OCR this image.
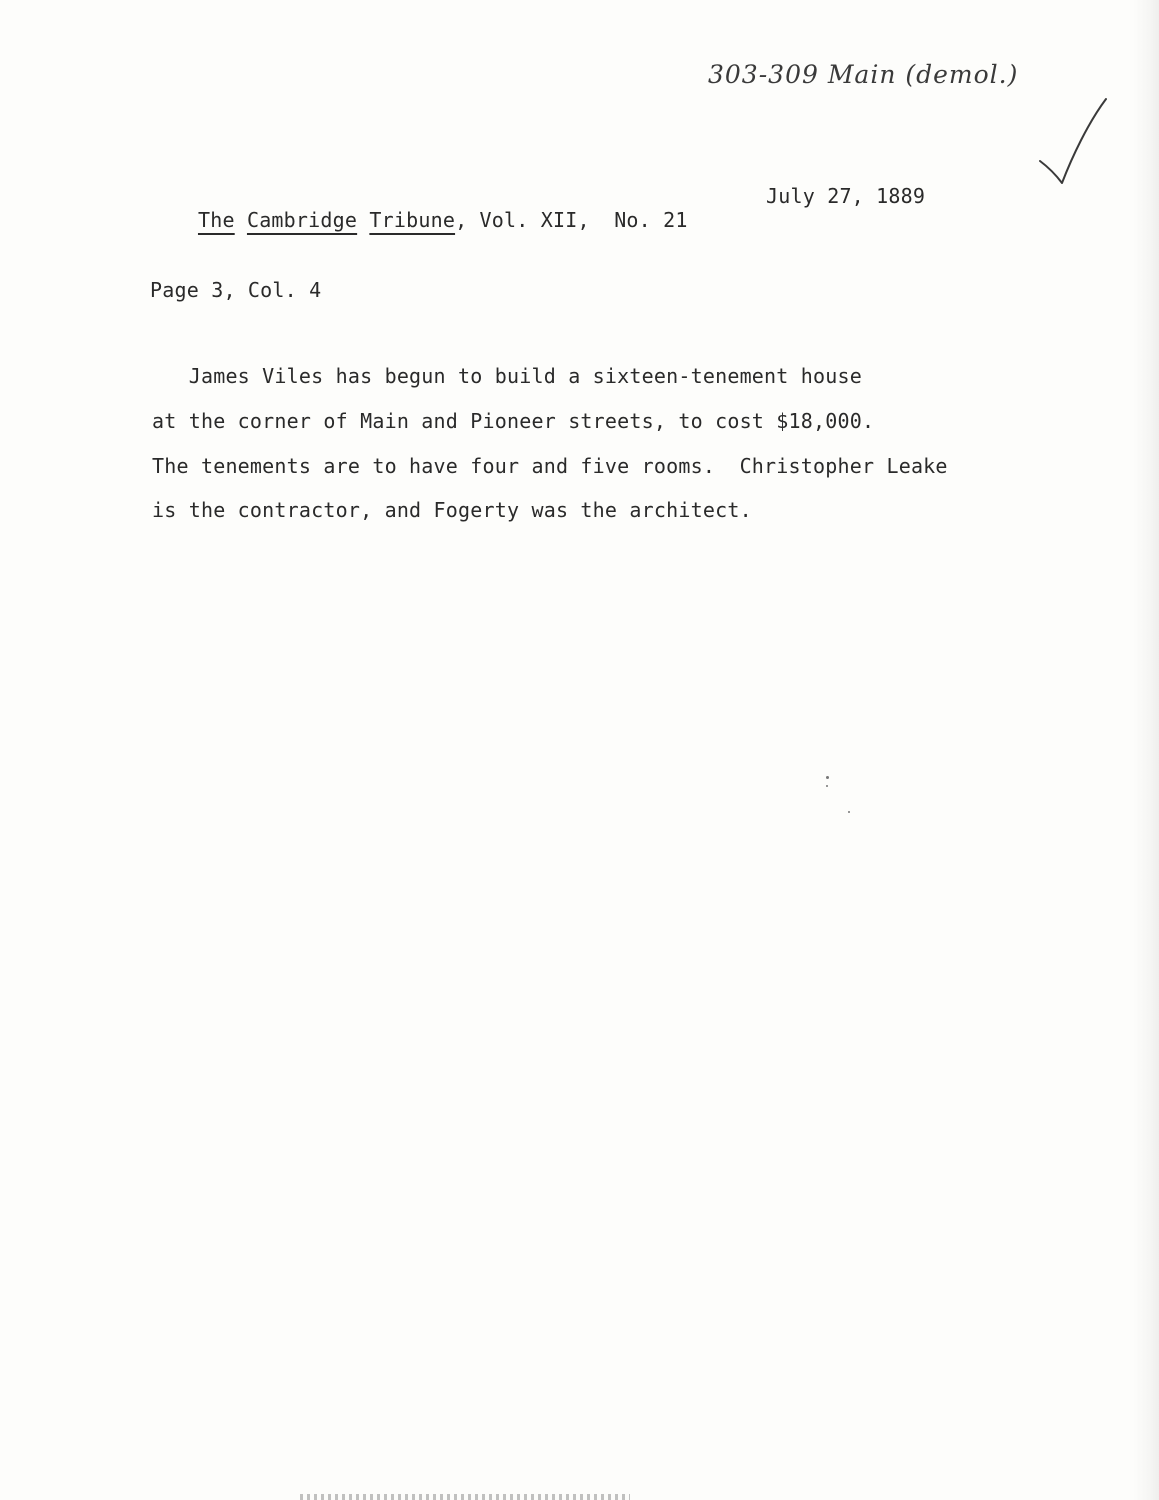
303-309 Main (demol.)

The Cambridge Tribune, Vol. XII,  No. 21

July 27, 1889
Page 3, Col. 4
James Viles has begun to build a sixteen-tenement house
at the corner of Main and Pioneer streets, to cost $18,000.
The tenements are to have four and five rooms.  Christopher Leake
is the contractor, and Fogerty was the architect.
